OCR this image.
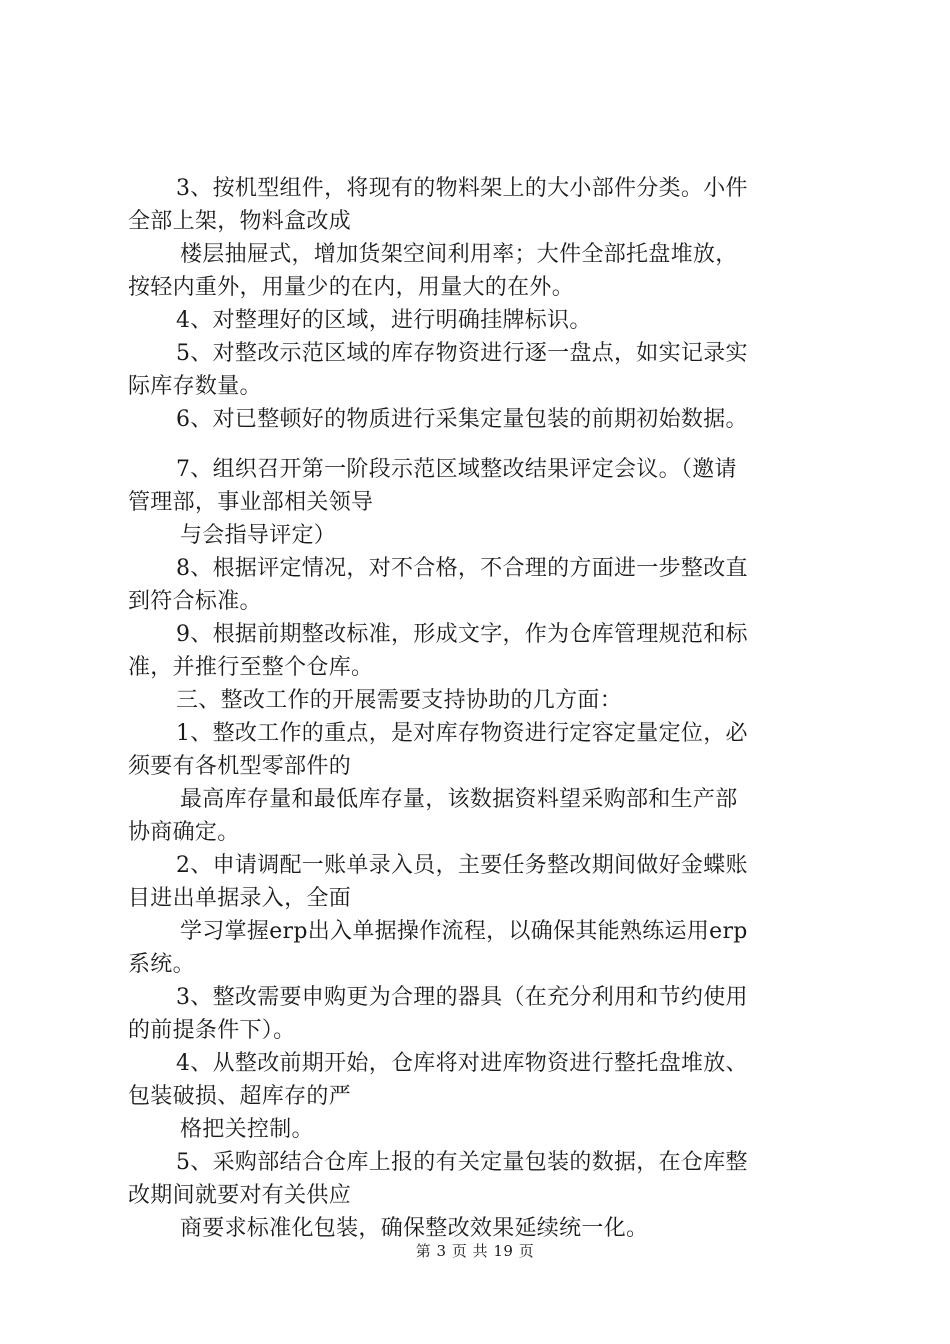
3、按机型组件，将现有的物料架上的大小部件分类。小件

全部上架，物料盒改成

楼层抽屉式，增加货架空间利用率；大件全部托盘堆放，

按轻内重外，用量少的在内，用量大的在外。

4、对整理好的区域，进行明确挂牌标识。

5、对整改示范区域的库存物资进行逐一盘点，如实记录实

际库存数量。

6、对已整顿好的物质进行采集定量包装的前期初始数据。

7、组织召开第一阶段示范区域整改结果评定会议。（邀请

管理部，事业部相关领导

与会指导评定）

8、根据评定情况，对不合格，不合理的方面进一步整改直

到符合标准。

9、根据前期整改标准，形成文字，作为仓库管理规范和标

准，并推行至整个仓库。

三、整改工作的开展需要支持协助的几方面：

1、整改工作的重点，是对库存物资进行定容定量定位，必

须要有各机型零部件的

最高库存量和最低库存量，该数据资料望采购部和生产部

协商确定。

2、申请调配一账单录入员，主要任务整改期间做好金蝶账

目进出单据录入，全面

学习掌握erp出入单据操作流程，以确保其能熟练运用erp

系统。

3、整改需要申购更为合理的器具（在充分利用和节约使用

的前提条件下）。

4、从整改前期开始，仓库将对进库物资进行整托盘堆放、

包装破损、超库存的严

格把关控制。

5、采购部结合仓库上报的有关定量包装的数据，在仓库整

改期间就要对有关供应

商要求标准化包装，确保整改效果延续统一化。

第 3 页 共 19 页
